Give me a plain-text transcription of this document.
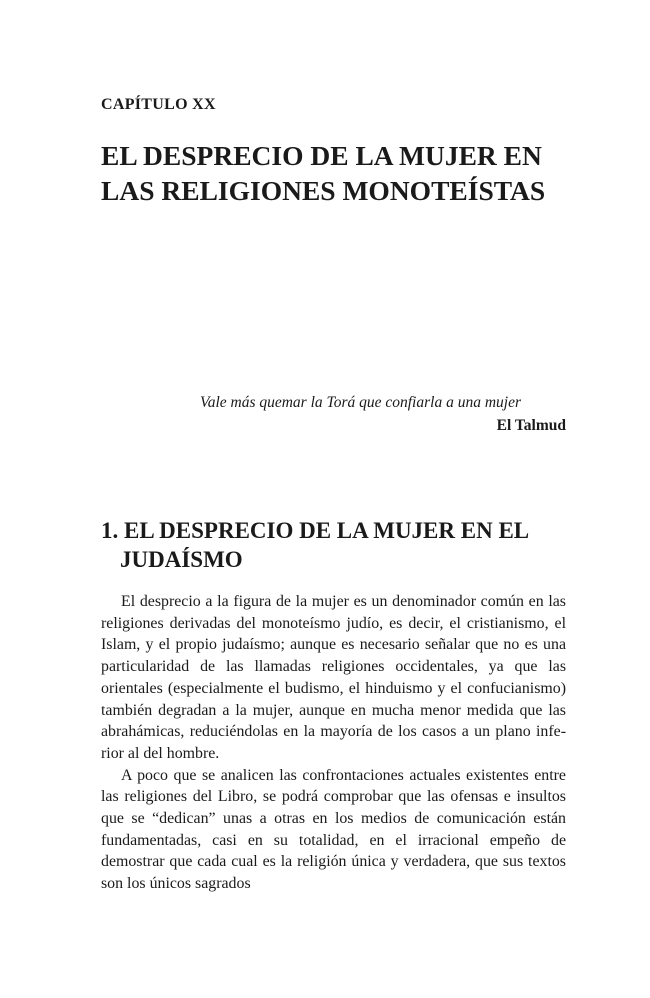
CAPÍTULO XX
EL DESPRECIO DE LA MUJER EN LAS RELIGIONES MONOTEÍSTAS
Vale más quemar la Torá que confiarla a una mujer
El Talmud
1. EL DESPRECIO DE LA MUJER EN EL JUDAÍSMO

El desprecio a la figura de la mujer es un denominador común en las religiones derivadas del monoteísmo judío, es decir, el cristianismo, el Islam, y el propio judaísmo; aunque es necesario señalar que no es una particularidad de las llamadas religiones occidentales, ya que las orientales (especialmente el budismo, el hinduismo y el confucianismo) también degradan a la mujer, aunque en mucha menor medida que las abrahámicas, reduciéndolas en la mayoría de los casos a un plano inferior al del hombre.

A poco que se analicen las confrontaciones actuales existentes entre las religiones del Libro, se podrá comprobar que las ofensas e insultos que se “dedican” unas a otras en los medios de comunicación están fundamentadas, casi en su totalidad, en el irracional empeño de demostrar que cada cual es la religión única y verdadera, que sus textos son los únicos sagrados
